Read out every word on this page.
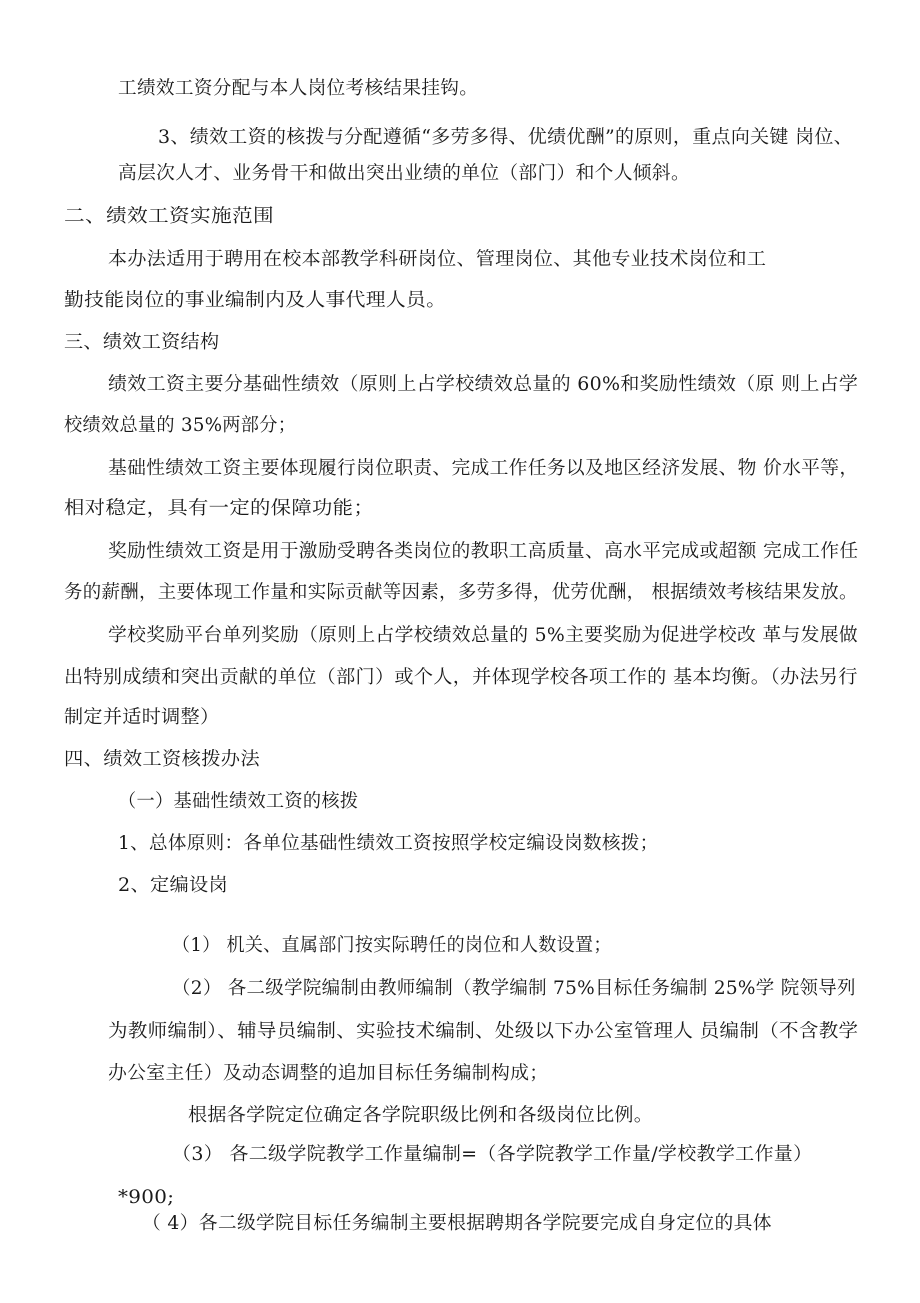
工绩效工资分配与本人岗位考核结果挂钩。
3、绩效工资的核拨与分配遵循“多劳多得、优绩优酬”的原则，重点向关键 岗位、
高层次人才、业务骨干和做出突出业绩的单位（部门）和个人倾斜。
二、绩效工资实施范围
本办法适用于聘用在校本部教学科研岗位、管理岗位、其他专业技术岗位和工
勤技能岗位的事业编制内及人事代理人员。
三、绩效工资结构
绩效工资主要分基础性绩效（原则上占学校绩效总量的 60%和奖励性绩效（原 则上占学
校绩效总量的 35%两部分；
基础性绩效工资主要体现履行岗位职责、完成工作任务以及地区经济发展、物 价水平等，
相对稳定，具有一定的保障功能；
奖励性绩效工资是用于激励受聘各类岗位的教职工高质量、高水平完成或超额 完成工作任
务的薪酬，主要体现工作量和实际贡献等因素，多劳多得，优劳优酬， 根据绩效考核结果发放。
学校奖励平台单列奖励（原则上占学校绩效总量的 5%主要奖励为促进学校改 革与发展做
出特别成绩和突出贡献的单位（部门）或个人，并体现学校各项工作的 基本均衡。（办法另行
制定并适时调整）
四、绩效工资核拨办法
（一）基础性绩效工资的核拨
1、总体原则：各单位基础性绩效工资按照学校定编设岗数核拨；
2、定编设岗
（1） 机关、直属部门按实际聘任的岗位和人数设置；
（2） 各二级学院编制由教师编制（教学编制 75%目标任务编制 25%学 院领导列
为教师编制）、辅导员编制、实验技术编制、处级以下办公室管理人 员编制（不含教学
办公室主任）及动态调整的追加目标任务编制构成；
根据各学院定位确定各学院职级比例和各级岗位比例。
（3） 各二级学院教学工作量编制=（各学院教学工作量/学校教学工作量）
*900;
（ 4）各二级学院目标任务编制主要根据聘期各学院要完成自身定位的具体
